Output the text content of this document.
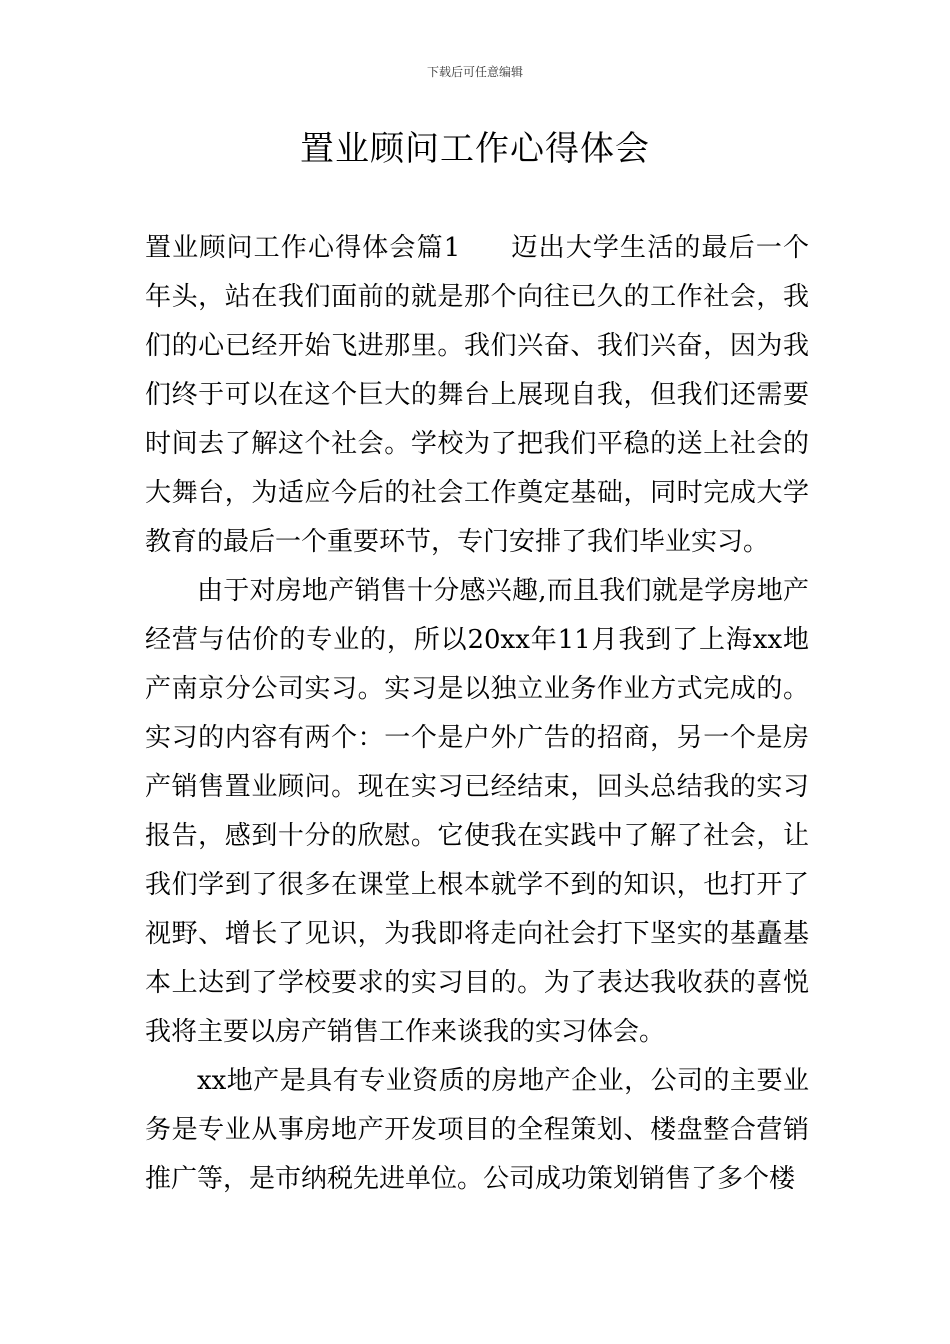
下载后可任意编辑
置业顾问工作心得体会

置业顾问工作心得体会篇1 迈出大学生活的最后一个年头，站在我们面前的就是那个向往已久的工作社会，我们的心已经开始飞进那里。我们兴奋、我们兴奋，因为我们终于可以在这个巨大的舞台上展现自我，但我们还需要时间去了解这个社会。学校为了把我们平稳的送上社会的大舞台，为适应今后的社会工作奠定基础，同时完成大学教育的最后一个重要环节，专门安排了我们毕业实习。

由于对房地产销售十分感兴趣,而且我们就是学房地产经营与估价的专业的，所以20xx年11月我到了上海xx地产南京分公司实习。实习是以独立业务作业方式完成的。实习的内容有两个：一个是户外广告的招商，另一个是房产销售置业顾问。现在实习已经结束，回头总结我的实习报告，感到十分的欣慰。它使我在实践中了解了社会，让我们学到了很多在课堂上根本就学不到的知识，也打开了视野、增长了见识，为我即将走向社会打下坚实的基矗基本上达到了学校要求的实习目的。为了表达我收获的喜悦我将主要以房产销售工作来谈我的实习体会。

xx地产是具有专业资质的房地产企业，公司的主要业务是专业从事房地产开发项目的全程策划、楼盘整合营销推广等，是市纳税先进单位。公司成功策划销售了多个楼
